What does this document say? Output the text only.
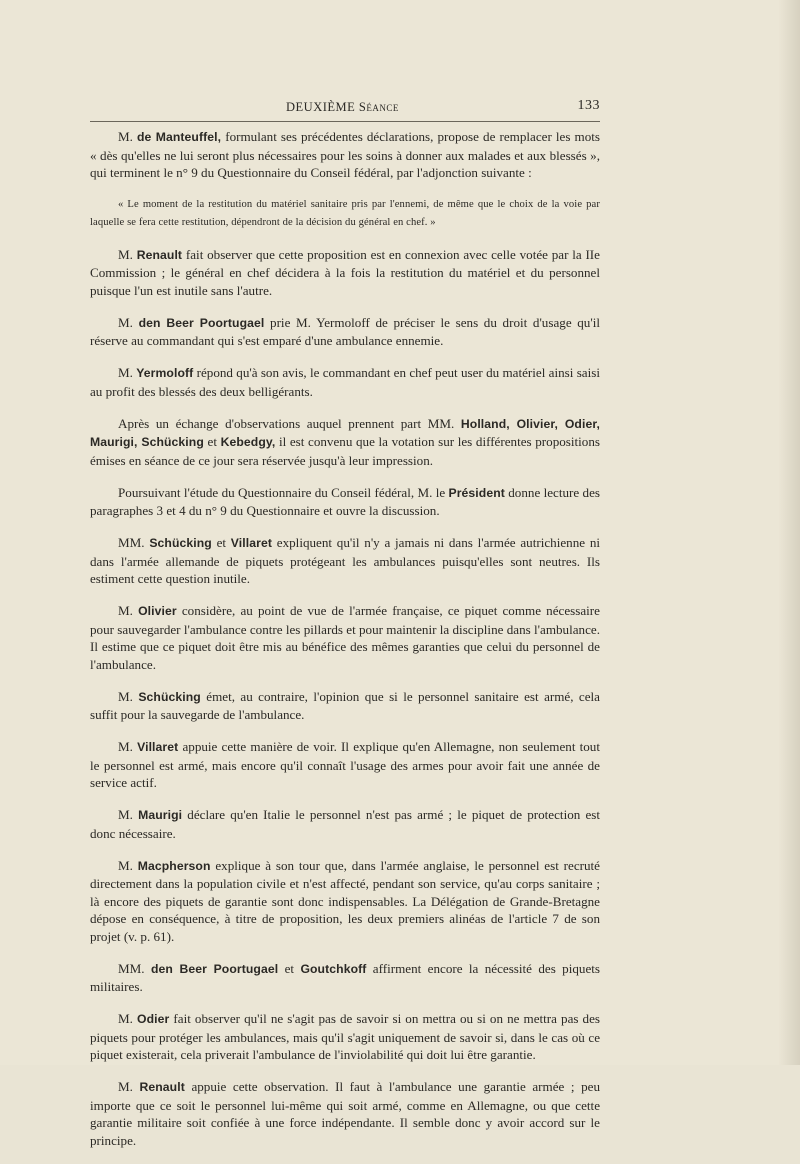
DEUXIÈME Séance	133

M. de Manteuffel, formulant ses précédentes déclarations, propose de remplacer les mots « dès qu'elles ne lui seront plus nécessaires pour les soins à donner aux malades et aux blessés », qui terminent le n° 9 du Questionnaire du Conseil fédéral, par l'adjonction suivante :

« Le moment de la restitution du matériel sanitaire pris par l'ennemi, de même que le choix de la voie par laquelle se fera cette restitution, dépendront de la décision du général en chef. »

M. Renault fait observer que cette proposition est en connexion avec celle votée par la IIe Commission ; le général en chef décidera à la fois la restitution du matériel et du personnel puisque l'un est inutile sans l'autre.

M. den Beer Poortugael prie M. Yermoloff de préciser le sens du droit d'usage qu'il réserve au commandant qui s'est emparé d'une ambulance ennemie.

M. Yermoloff répond qu'à son avis, le commandant en chef peut user du matériel ainsi saisi au profit des blessés des deux belligérants.

Après un échange d'observations auquel prennent part MM. Holland, Olivier, Odier, Maurigi, Schücking et Kebedgy, il est convenu que la votation sur les différentes propositions émises en séance de ce jour sera réservée jusqu'à leur impression.

Poursuivant l'étude du Questionnaire du Conseil fédéral, M. le Président donne lecture des paragraphes 3 et 4 du n° 9 du Questionnaire et ouvre la discussion.

MM. Schücking et Villaret expliquent qu'il n'y a jamais ni dans l'armée autrichienne ni dans l'armée allemande de piquets protégeant les ambulances puisqu'elles sont neutres. Ils estiment cette question inutile.

M. Olivier considère, au point de vue de l'armée française, ce piquet comme nécessaire pour sauvegarder l'ambulance contre les pillards et pour maintenir la discipline dans l'ambulance. Il estime que ce piquet doit être mis au bénéfice des mêmes garanties que celui du personnel de l'ambulance.

M. Schücking émet, au contraire, l'opinion que si le personnel sanitaire est armé, cela suffit pour la sauvegarde de l'ambulance.

M. Villaret appuie cette manière de voir. Il explique qu'en Allemagne, non seulement tout le personnel est armé, mais encore qu'il connaît l'usage des armes pour avoir fait une année de service actif.

M. Maurigi déclare qu'en Italie le personnel n'est pas armé ; le piquet de protection est donc nécessaire.

M. Macpherson explique à son tour que, dans l'armée anglaise, le personnel est recruté directement dans la population civile et n'est affecté, pendant son service, qu'au corps sanitaire ; là encore des piquets de garantie sont donc indispensables. La Délégation de Grande-Bretagne dépose en conséquence, à titre de proposition, les deux premiers alinéas de l'article 7 de son projet (v. p. 61).

MM. den Beer Poortugael et Goutchkoff affirment encore la nécessité des piquets militaires.

M. Odier fait observer qu'il ne s'agit pas de savoir si on mettra ou si on ne mettra pas des piquets pour protéger les ambulances, mais qu'il s'agit uniquement de savoir si, dans le cas où ce piquet existerait, cela priverait l'ambulance de l'inviolabilité qui doit lui être garantie.

M. Renault appuie cette observation. Il faut à l'ambulance une garantie armée ; peu importe que ce soit le personnel lui-même qui soit armé, comme en Allemagne, ou que cette garantie militaire soit confiée à une force indépendante. Il semble donc y avoir accord sur le principe.
